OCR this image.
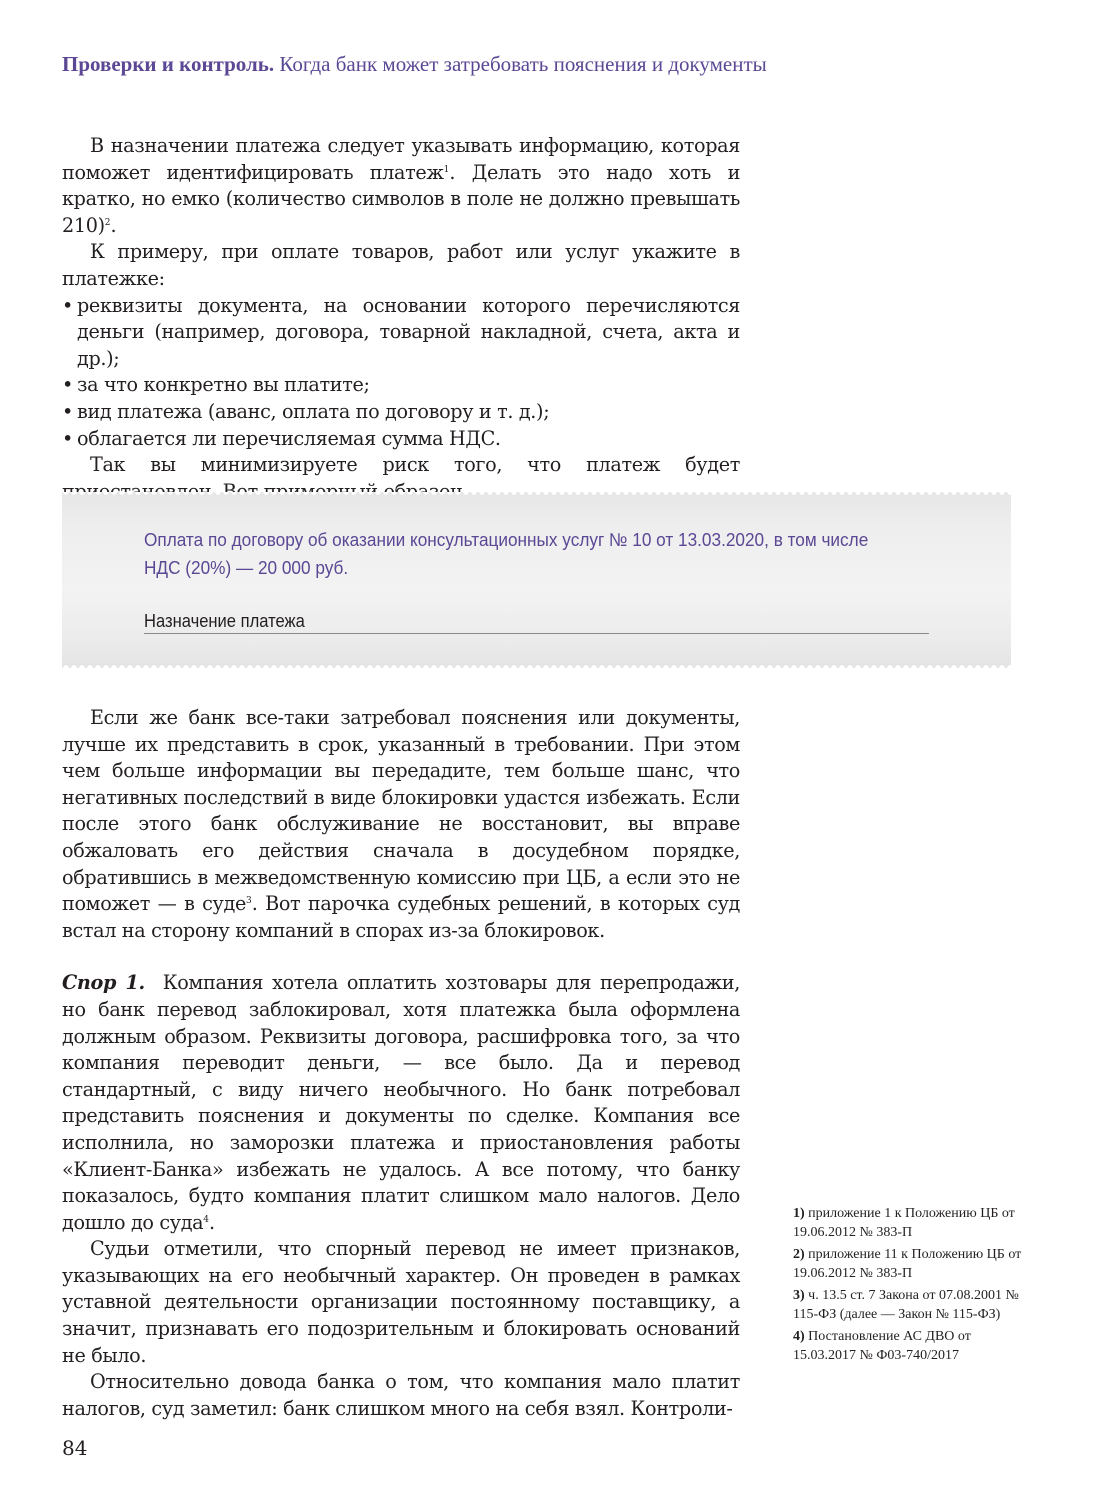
Проверки и контроль. Когда банк может затребовать пояснения и документы

В назначении платежа следует указывать информацию, которая поможет идентифицировать платеж$^1$. Делать это надо хоть и кратко, но емко (количество символов в поле не должно превышать 210)$^2$.

К примеру, при оплате товаров, работ или услуг укажите в платежке:

• реквизиты документа, на основании которого перечисляются деньги (например, договора, товарной накладной, счета, акта и др.);
• за что конкретно вы платите;
• вид платежа (аванс, оплата по договору и т. д.);
• облагается ли перечисляемая сумма НДС.

Так вы минимизируете риск того, что платеж будет

Оплата по договору об оказании консультационных услуг № 10 от 13.03.2020, в том числе НДС (20%) — 20 000 руб.
Назначение платежа

Если же банк все-таки затребовал пояснения или документы, лучше их представить в срок, указанный в требовании. При этом чем больше информации вы передадите, тем больше шанс, что негативных последствий в виде блокировки удастся избежать. Если после этого банк обслуживание не восстановит, вы вправе обжаловать его действия сначала в досудебном порядке, обратившись в межведомственную комиссию при ЦБ, а если это не поможет — в суде$^3$. Вот парочка судебных решений, в которых суд встал на сторону компаний в спорах из-за блокировок.

Спор 1. Компания хотела оплатить хозтовары для перепродажи, но банк перевод заблокировал, хотя платежка была оформлена должным образом. Реквизиты договора, расшифровка того, за что компания переводит деньги, — все было. Да и перевод стандартный, с виду ничего необычного. Но банк потребовал представить пояснения и документы по сделке. Компания все исполнила, но заморозки платежа и приостановления работы «Клиент-Банка» избежать не удалось. А все потому, что банку показалось, будто компания платит слишком мало налогов. Дело дошло до суда$^4$.

Судьи отметили, что спорный перевод не имеет признаков, указывающих на его необычный характер. Он проведен в рамках уставной деятельности организации постоянному поставщику, а значит, признавать его подозрительным и блокировать оснований не было.

Относительно довода банка о том, что компания мало платит налогов, суд заметил: банк слишком много на себя взял. Контроли-

1) приложение 1 к Положению ЦБ от 19.06.2012 № 383-П
2) приложение 11 к Положению ЦБ от 19.06.2012 № 383-П
3) ч. 13.5 ст. 7 Закона от 07.08.2001 № 115-ФЗ (далее — Закон № 115-ФЗ)
4) Постановление АС ДВО от 15.03.2017 № Ф03-740/2017
84
